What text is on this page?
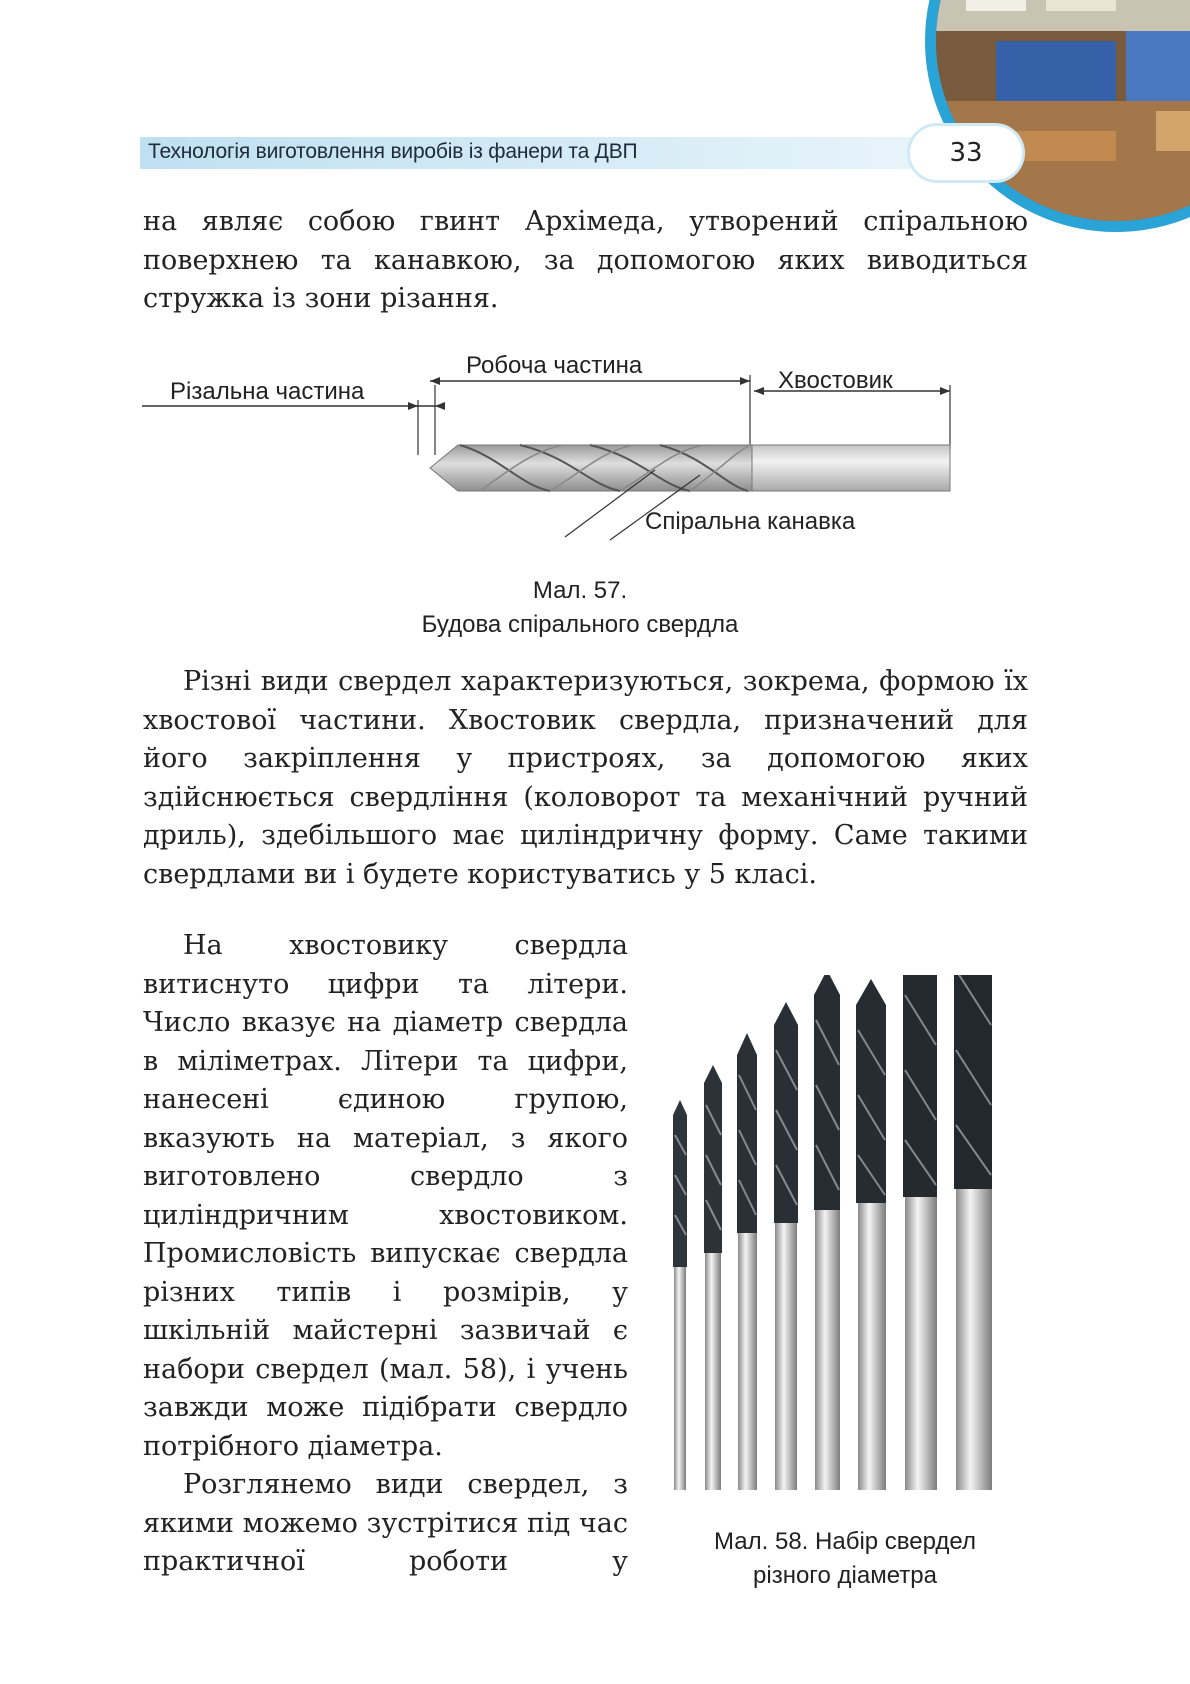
Технологія виготовлення виробів із фанери та ДВП	33
на являє собою гвинт Архімеда, утворений спіральною поверхнею та канавкою, за допомогою яких виводиться стружка із зони різання.
Різальна частина
Робоча частина
Хвостовик
Спіральна канавка
Мал. 57.
Будова спірального свердла
Різні види свердел характеризуються, зокрема, формою їх хвостової частини. Хвостовик свердла, призначений для його закріплення у пристроях, за допомогою яких здійснюється свердління (коловорот та механічний ручний дриль), здебільшого має циліндричну форму. Саме такими свердлами ви і будете користуватись у 5 класі.
На хвостовику свердла витиснуто цифри та літери. Число вказує на діаметр свердла в міліметрах. Літери та цифри, нанесені єдиною групою, вказують на матеріал, з якого виготовлено свердло з циліндричним хвостовиком. Промисловість випускає свердла різних типів і розмірів, у шкільній майстерні зазвичай є набори свердел (мал. 58), і учень завжди може підібрати свердло потрібного діаметра.
Розглянемо види свердел, з якими можемо зустрітися під час практичної роботи у
Мал. 58. Набір свердел
різного діаметра
